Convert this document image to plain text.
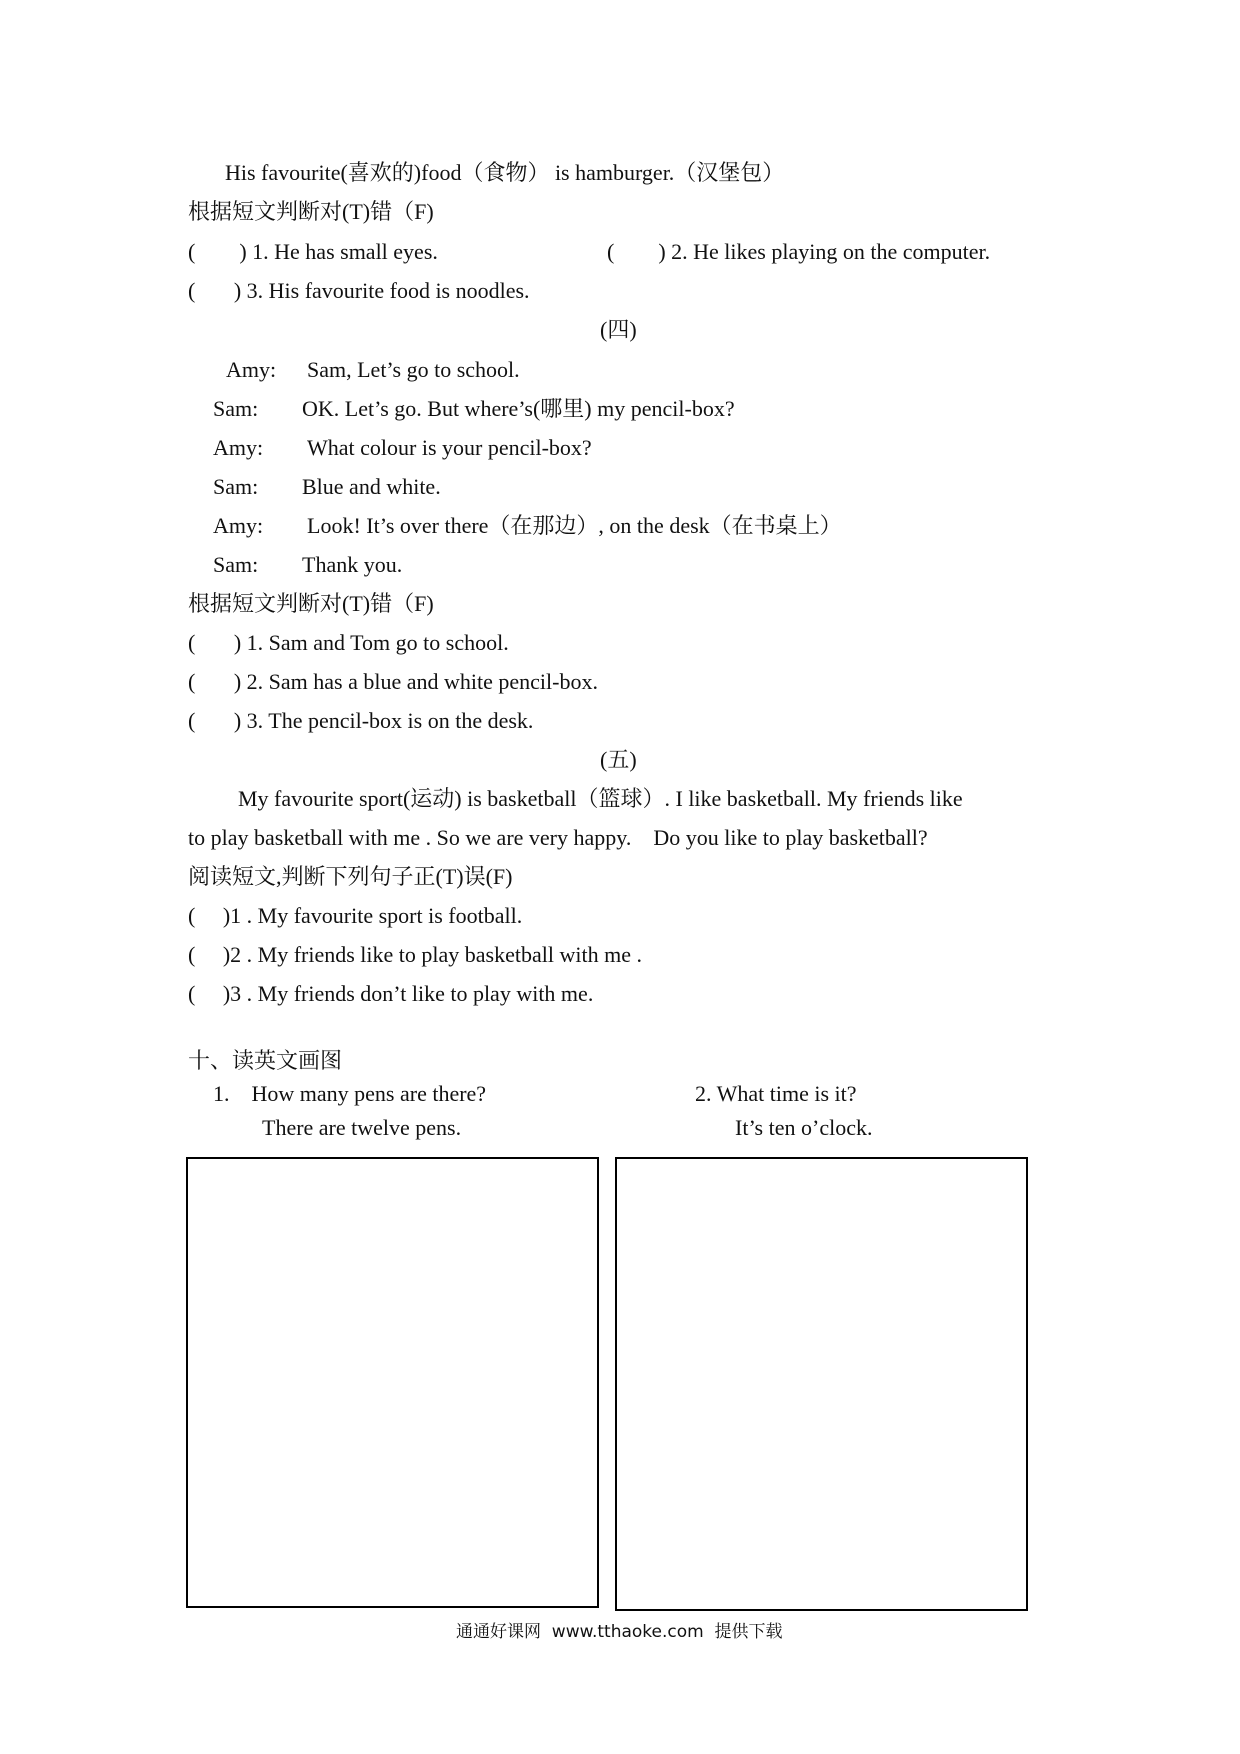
His favourite(喜欢的)food（食物） is hamburger.（汉堡包）
根据短文判断对(T)错（F)
(        ) 1. He has small eyes.	(        ) 2. He likes playing on the computer.
(       ) 3. His favourite food is noodles.
(四)
Amy: Sam, Let’s go to school.
Sam: OK. Let’s go. But where’s(哪里) my pencil-box?
Amy: What colour is your pencil-box?
Sam: Blue and white.
Amy: Look! It’s over there（在那边）, on the desk（在书桌上）
Sam: Thank you.
根据短文判断对(T)错（F)
(       ) 1. Sam and Tom go to school.
(       ) 2. Sam has a blue and white pencil-box.
(       ) 3. The pencil-box is on the desk.
(五)
My favourite sport(运动) is basketball（篮球）. I like basketball. My friends like
to play basketball with me . So we are very happy.    Do you like to play basketball?
阅读短文,判断下列句子正(T)误(F)
(     )1 . My favourite sport is football.
(     )2 . My friends like to play basketball with me .
(     )3 . My friends don’t like to play with me.
十、读英文画图
1.    How many pens are there?
There are twelve pens.
2. What time is it?
It’s ten o’clock.
通通好课网  www.tthaoke.com  提供下载
